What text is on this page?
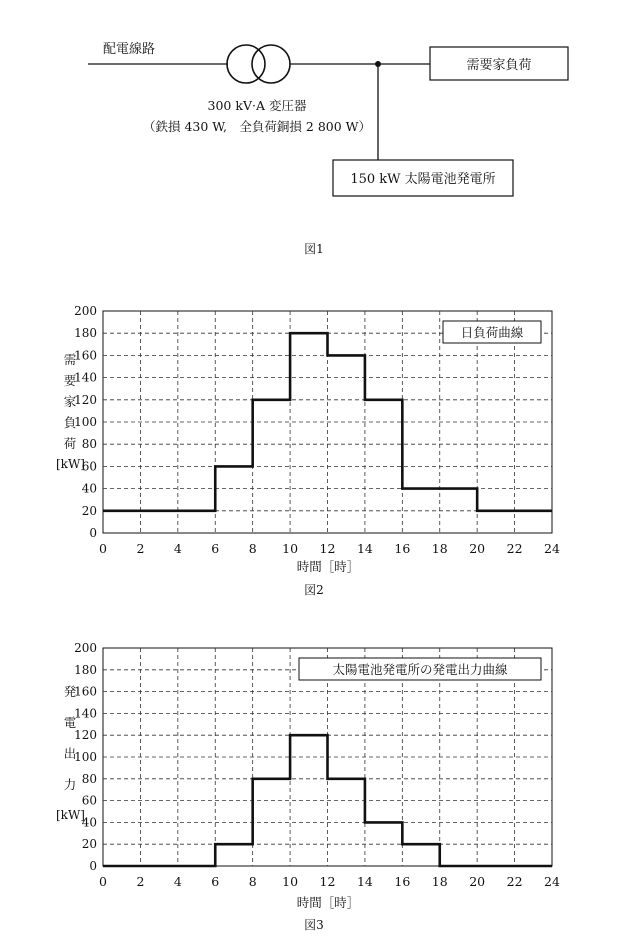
配電線路
需要家負荷
300 kV·A 変圧器
（鉄損 430 W,　全負荷銅損 2 800 W）
150 kW 太陽電池発電所
図1
0
20
40
60
80
100
120
140
160
180
200
0 2 4 6 8 10 12 14 16 18 20 22 24
日負荷曲線
需要家負荷
[kW]
時間［時］
図2
0
20
40
60
80
100
120
140
160
180
200
0 2 4 6 8 10 12 14 16 18 20 22 24
太陽電池発電所の発電出力曲線
発電出力
[kW]
時間［時］
図3
